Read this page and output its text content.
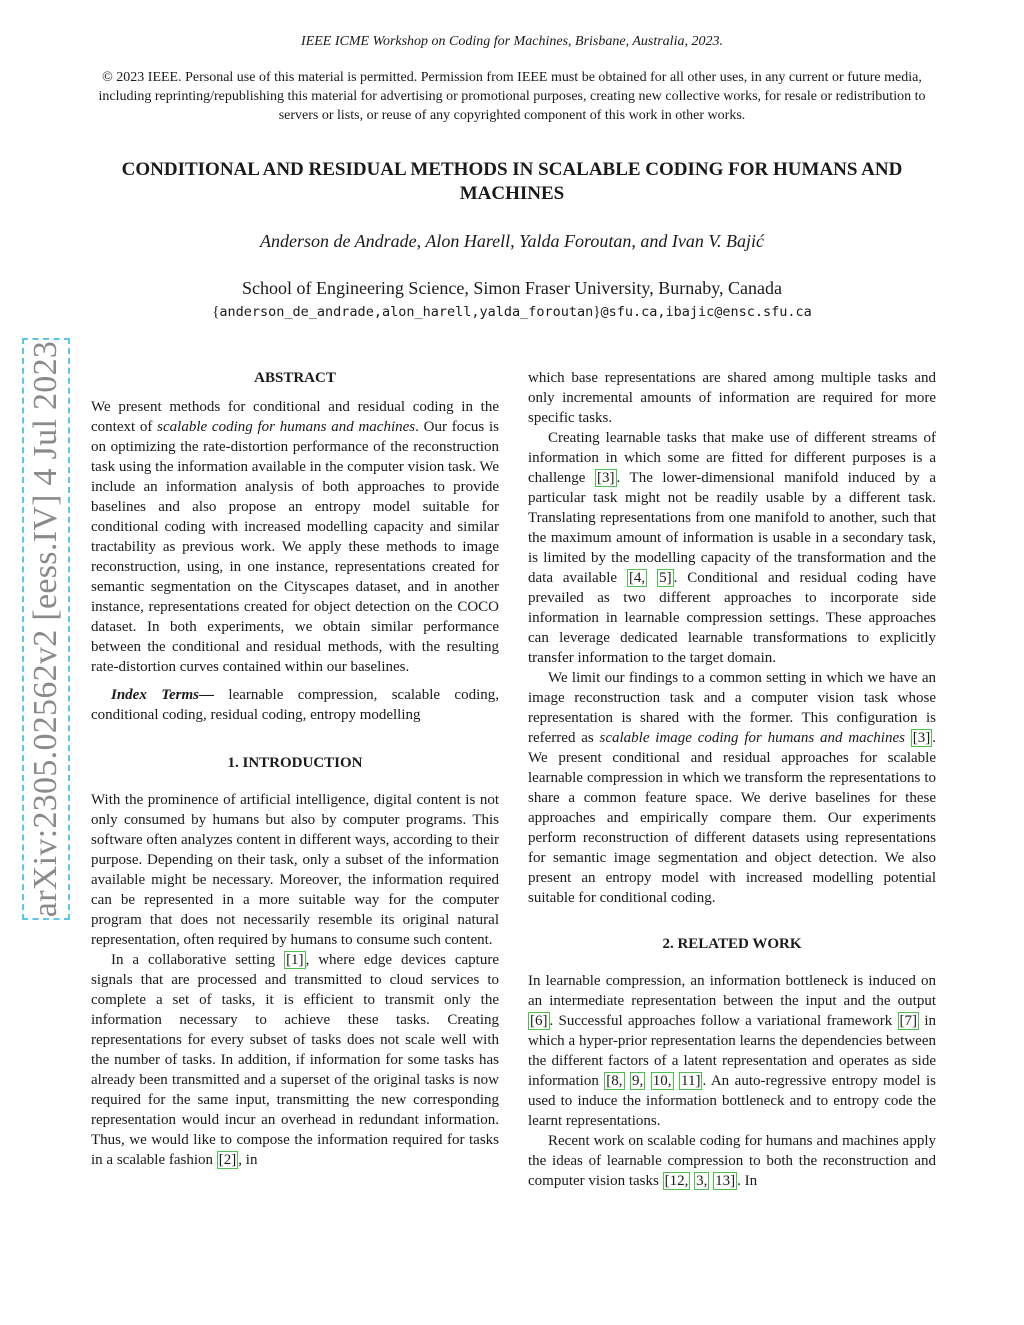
IEEE ICME Workshop on Coding for Machines, Brisbane, Australia, 2023.
© 2023 IEEE. Personal use of this material is permitted. Permission from IEEE must be obtained for all other uses, in any current or future media, including reprinting/republishing this material for advertising or promotional purposes, creating new collective works, for resale or redistribution to servers or lists, or reuse of any copyrighted component of this work in other works.
CONDITIONAL AND RESIDUAL METHODS IN SCALABLE CODING FOR HUMANS AND MACHINES
Anderson de Andrade, Alon Harell, Yalda Foroutan, and Ivan V. Bajić
School of Engineering Science, Simon Fraser University, Burnaby, Canada
{anderson_de_andrade,alon_harell,yalda_foroutan}@sfu.ca,ibajic@ensc.sfu.ca
arXiv:2305.02562v2 [eess.IV] 4 Jul 2023	ABSTRACT

We present methods for conditional and residual coding in the context of scalable coding for humans and machines. Our focus is on optimizing the rate-distortion performance of the reconstruction task using the information available in the computer vision task. We include an information analysis of both approaches to provide baselines and also propose an entropy model suitable for conditional coding with increased modelling capacity and similar tractability as previous work. We apply these methods to image reconstruction, using, in one instance, representations created for semantic segmentation on the Cityscapes dataset, and in another instance, representations created for object detection on the COCO dataset. In both experiments, we obtain similar performance between the conditional and residual methods, with the resulting rate-distortion curves contained within our baselines.

Index Terms— learnable compression, scalable coding, conditional coding, residual coding, entropy modelling

1. INTRODUCTION

With the prominence of artificial intelligence, digital content is not only consumed by humans but also by computer programs. This software often analyzes content in different ways, according to their purpose. Depending on their task, only a subset of the information available might be necessary. Moreover, the information required can be represented in a more suitable way for the computer program that does not necessarily resemble its original natural representation, often required by humans to consume such content.

In a collaborative setting [1] , where edge devices capture signals that are processed and transmitted to cloud services to complete a set of tasks, it is efficient to transmit only the information necessary to achieve these tasks. Creating representations for every subset of tasks does not scale well with the number of tasks. In addition, if information for some tasks has already been transmitted and a superset of the original tasks is now required for the same input, transmitting the new corresponding representation would incur an overhead in redundant information. Thus, we would like to compose the information required for tasks in a scalable fashion [2] , in

which base representations are shared among multiple tasks and only incremental amounts of information are required for more specific tasks.

Creating learnable tasks that make use of different streams of information in which some are fitted for different purposes is a challenge [3] . The lower-dimensional manifold induced by a particular task might not be readily usable by a different task. Translating representations from one manifold to another, such that the maximum amount of information is usable in a secondary task, is limited by the modelling capacity of the transformation and the data available [4, 5] . Conditional and residual coding have prevailed as two different approaches to incorporate side information in learnable compression settings. These approaches can leverage dedicated learnable transformations to explicitly transfer information to the target domain.

We limit our findings to a common setting in which we have an image reconstruction task and a computer vision task whose representation is shared with the former. This configuration is referred as scalable image coding for humans and machines [3] . We present conditional and residual approaches for scalable learnable compression in which we transform the representations to share a common feature space. We derive baselines for these approaches and empirically compare them. Our experiments perform reconstruction of different datasets using representations for semantic image segmentation and object detection. We also present an entropy model with increased modelling potential suitable for conditional coding.

2. RELATED WORK

In learnable compression, an information bottleneck is induced on an intermediate representation between the input and the output [6] . Successful approaches follow a variational framework [7] in which a hyper-prior representation learns the dependencies between the different factors of a latent representation and operates as side information [8, 9, 10, 11] . An auto-regressive entropy model is used to induce the information bottleneck and to entropy code the learnt representations.

Recent work on scalable coding for humans and machines apply the ideas of learnable compression to both the reconstruction and computer vision tasks [12, 3, 13] . In
